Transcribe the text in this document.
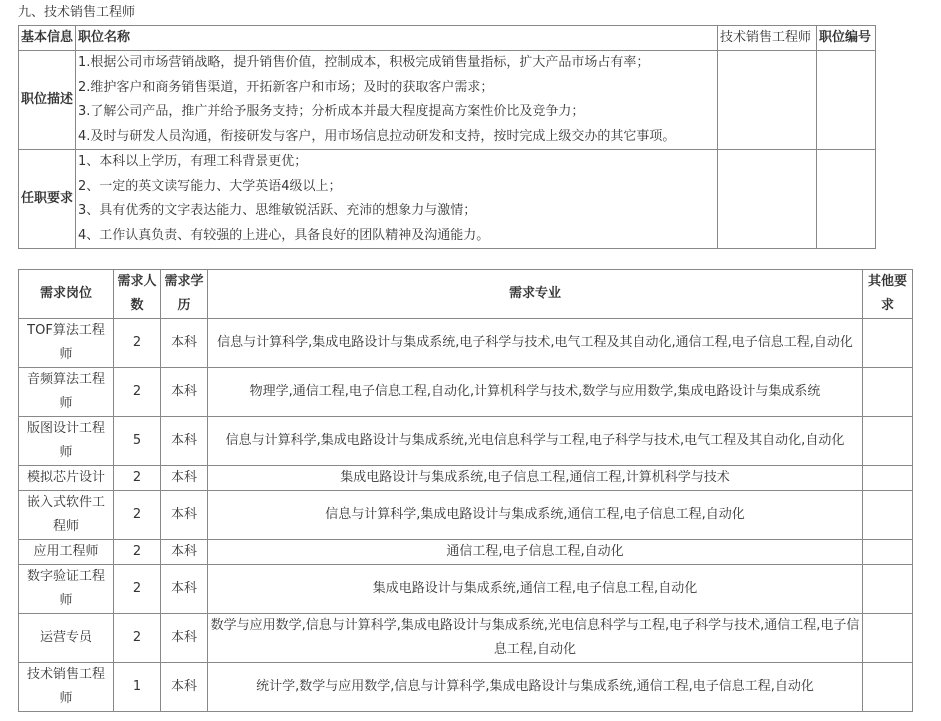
九、技术销售工程师
基本信息	职位名称	技术销售工程师	职位编号
职位描述	1.根据公司市场营销战略，提升销售价值，控制成本，积极完成销售量指标，扩大产品市场占有率；
2.维护客户和商务销售渠道，开拓新客户和市场；及时的获取客户需求；
3.了解公司产品，推广并给予服务支持；分析成本并最大程度提高方案性价比及竞争力；
4.及时与研发人员沟通，衔接研发与客户，用市场信息拉动研发和支持，按时完成上级交办的其它事项。		

任职要求	1、本科以上学历，有理工科背景更优；
2、一定的英文读写能力、大学英语4级以上；
3、具有优秀的文字表达能力、思维敏锐活跃、充沛的想象力与激情；
4、工作认真负责、有较强的上进心，具备良好的团队精神及沟通能力。		

需求岗位	需求人数	需求学历	需求专业	其他要求
TOF算法工程师	2	本科	信息与计算科学,集成电路设计与集成系统,电子科学与技术,电气工程及其自动化,通信工程,电子信息工程,自动化	
音频算法工程师	2	本科	物理学,通信工程,电子信息工程,自动化,计算机科学与技术,数学与应用数学,集成电路设计与集成系统	
版图设计工程师	5	本科	信息与计算科学,集成电路设计与集成系统,光电信息科学与工程,电子科学与技术,电气工程及其自动化,自动化	
模拟芯片设计	2	本科	集成电路设计与集成系统,电子信息工程,通信工程,计算机科学与技术	
嵌入式软件工程师	2	本科	信息与计算科学,集成电路设计与集成系统,通信工程,电子信息工程,自动化	
应用工程师	2	本科	通信工程,电子信息工程,自动化	
数字验证工程师	2	本科	集成电路设计与集成系统,通信工程,电子信息工程,自动化	
运营专员	2	本科	数学与应用数学,信息与计算科学,集成电路设计与集成系统,光电信息科学与工程,电子科学与技术,通信工程,电子信息工程,自动化	
技术销售工程师	1	本科	统计学,数学与应用数学,信息与计算科学,集成电路设计与集成系统,通信工程,电子信息工程,自动化	
